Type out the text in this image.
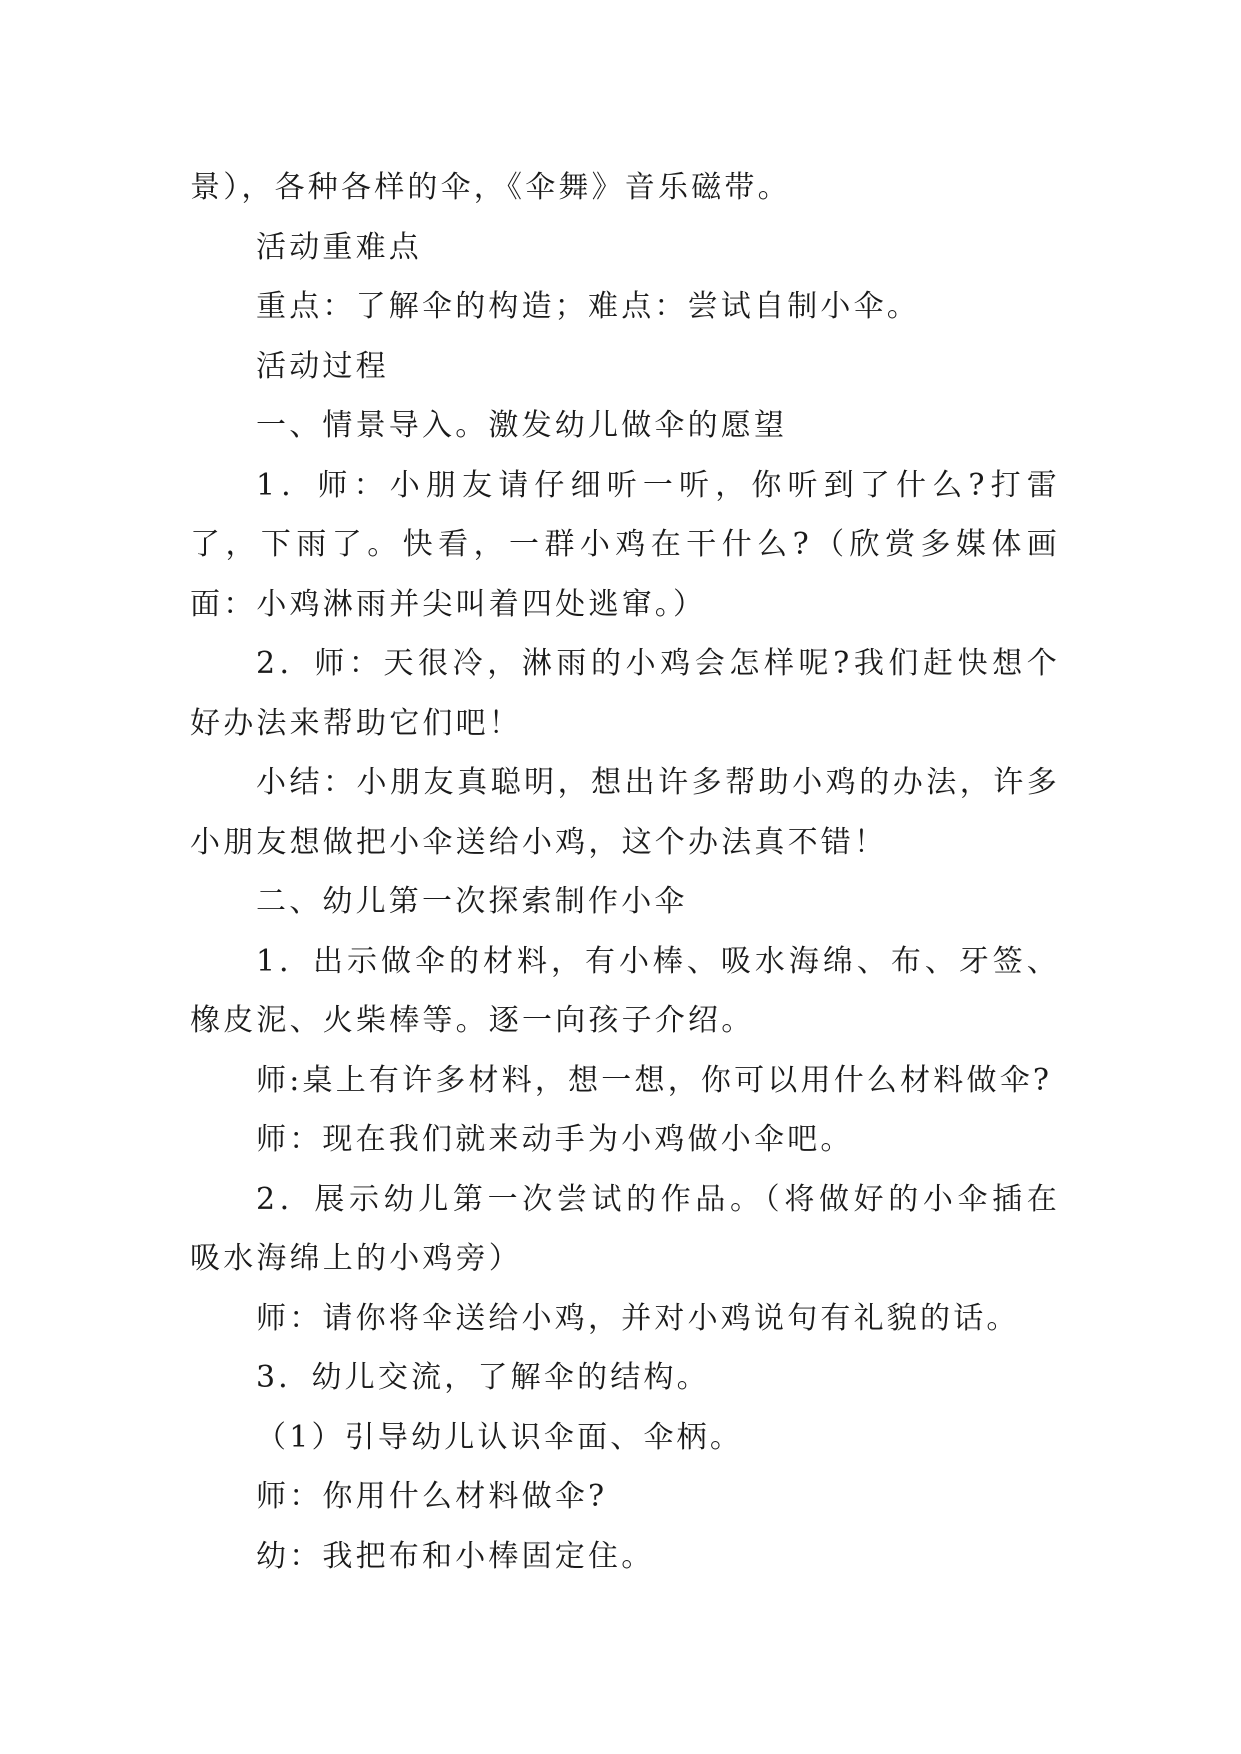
景），各种各样的伞，《伞舞》音乐磁带。

活动重难点

重点：了解伞的构造；难点：尝试自制小伞。

活动过程

一、情景导入。激发幼儿做伞的愿望

1．师：小朋友请仔细听一听，你听到了什么?打雷了，下雨了。快看，一群小鸡在干什么?（欣赏多媒体画面：小鸡淋雨并尖叫着四处逃窜。）

2．师：天很冷，淋雨的小鸡会怎样呢?我们赶快想个好办法来帮助它们吧！

小结：小朋友真聪明，想出许多帮助小鸡的办法，许多小朋友想做把小伞送给小鸡，这个办法真不错！

二、幼儿第一次探索制作小伞

1．出示做伞的材料，有小棒、吸水海绵、布、牙签、橡皮泥、火柴棒等。逐一向孩子介绍。

师:桌上有许多材料，想一想，你可以用什么材料做伞?

师：现在我们就来动手为小鸡做小伞吧。

2．展示幼儿第一次尝试的作品。（将做好的小伞插在吸水海绵上的小鸡旁）

师：请你将伞送给小鸡，并对小鸡说句有礼貌的话。

3．幼儿交流，了解伞的结构。

（1）引导幼儿认识伞面、伞柄。

师：你用什么材料做伞?

幼：我把布和小棒固定住。
